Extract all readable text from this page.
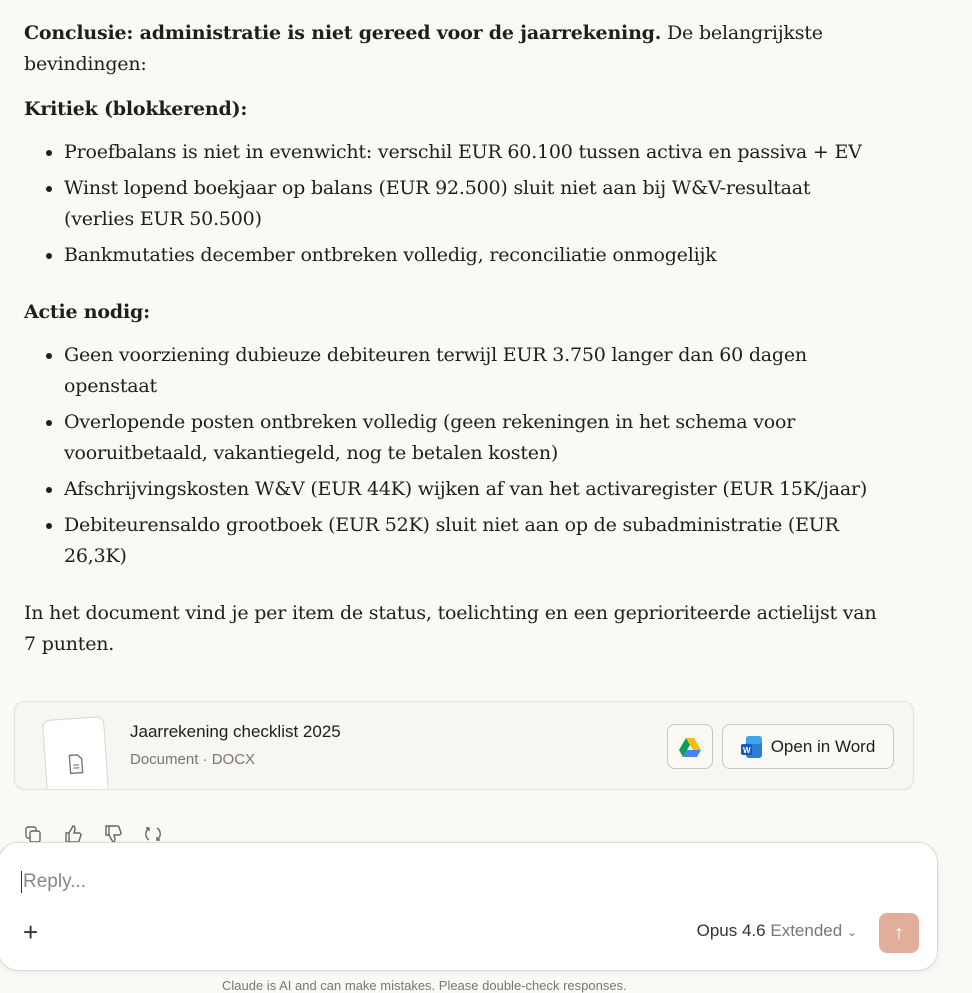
Conclusie: administratie is niet gereed voor de jaarrekening. De belangrijkste bevindingen:

Kritiek (blokkerend):
• Proefbalans is niet in evenwicht: verschil EUR 60.100 tussen activa en passiva + EV
• Winst lopend boekjaar op balans (EUR 92.500) sluit niet aan bij W&V-resultaat (verlies EUR 50.500)
• Bankmutaties december ontbreken volledig, reconciliatie onmogelijk
Actie nodig:
• Geen voorziening dubieuze debiteuren terwijl EUR 3.750 langer dan 60 dagen openstaat
• Overlopende posten ontbreken volledig (geen rekeningen in het schema voor vooruitbetaald, vakantiegeld, nog te betalen kosten)
• Afschrijvingskosten W&V (EUR 44K) wijken af van het activaregister (EUR 15K/jaar)
• Debiteurensaldo grootboek (EUR 52K) sluit niet aan op de subadministratie (EUR 26,3K)

In het document vind je per item de status, toelichting en een geprioriteerde actielijst van 7 punten.

Jaarrekening checklist 2025
Document · DOCX
W Open in Word
Reply...
+	Opus 4.6 Extended ⌄ ↑
Claude is AI and can make mistakes. Please double-check responses.
